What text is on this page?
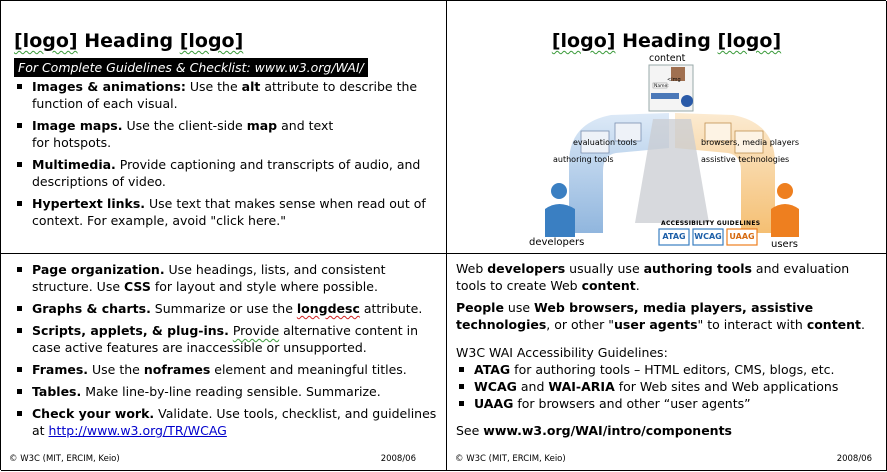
[logo] Heading [logo]
For Complete Guidelines & Checklist: www.w3.org/WAI/
Images & animations: Use the alt attribute to describe the function of each visual.
Image maps. Use the client-side map and text
for hotspots.
Multimedia. Provide captioning and transcripts of audio, and descriptions of video.
Hypertext links. Use text that makes sense when read out of context. For example, avoid "click here."
[logo] Heading [logo]
content
<img
Name:
evaluation tools
authoring tools
browsers, media players
assistive technologies
ACCESSIBILITY GUIDELINES
ATAG	WCAG UAAG
developers	users
Page organization. Use headings, lists, and consistent structure. Use CSS for layout and style where possible.
Graphs & charts. Summarize or use the longdesc attribute.
Scripts, applets, & plug-ins. Provide alternative content in case active features are inaccessible or unsupported.
Frames. Use the noframes element and meaningful titles.
Tables. Make line-by-line reading sensible. Summarize.
Check your work. Validate. Use tools, checklist, and guidelines at http://www.w3.org/TR/WCAG
© W3C (MIT, ERCIM, Keio)	2008/06

Web developers usually use authoring tools and evaluation tools to create Web content.

People use Web browsers, media players, assistive technologies, or other "user agents" to interact with content.

W3C WAI Accessibility Guidelines:

ATAG for authoring tools – HTML editors, CMS, blogs, etc.
WCAG and WAI-ARIA for Web sites and Web applications
UAAG for browsers and other “user agents”

See www.w3.org/WAI/intro/components

© W3C (MIT, ERCIM, Keio)	2008/06
